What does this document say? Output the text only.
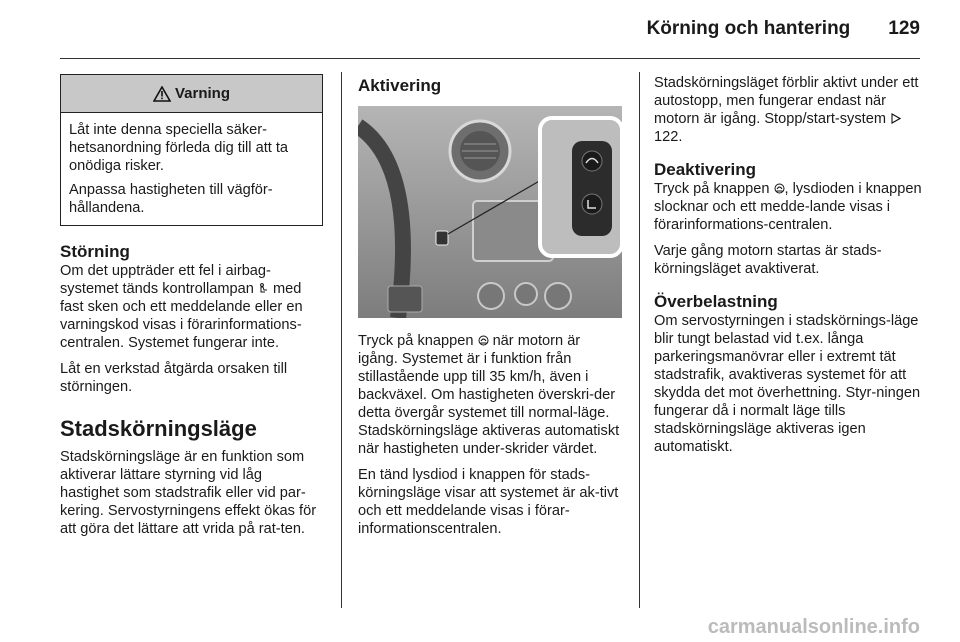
Körning och hantering 129
Varning

Låt inte denna speciella säker-hetsanordning förleda dig till att ta onödiga risker.

Anpassa hastigheten till vägför-hållandena.

Störning

Om det uppträder ett fel i airbag-systemet tänds kontrollampan  med fast sken och ett meddelande eller en varningskod visas i förarinformations-centralen. Systemet fungerar inte.

Låt en verkstad åtgärda orsaken till störningen.

Stadskörningsläge

Stadskörningsläge är en funktion som aktiverar lättare styrning vid låg hastighet som stadstrafik eller vid par-kering. Servostyrningens effekt ökas för att göra det lättare att vrida på rat-ten.

Aktivering

Tryck på knappen  när motorn är igång. Systemet är i funktion från stillastående upp till 35 km/h, även i backväxel. Om hastigheten överskri-der detta övergår systemet till normal-läge. Stadskörningsläge aktiveras automatiskt när hastigheten under-skrider värdet.

En tänd lysdiod i knappen för stads-körningsläge visar att systemet är ak-tivt och ett meddelande visas i förar-informationscentralen.

Stadskörningsläget förblir aktivt under ett autostopp, men fungerar endast när motorn är igång. Stopp/start-system  122.

Deaktivering

Tryck på knappen , lysdioden i knappen slocknar och ett medde-lande visas i förarinformations-centralen.

Varje gång motorn startas är stads-körningsläget avaktiverat.

Överbelastning

Om servostyrningen i stadskörnings-läge blir tungt belastad vid t.ex. långa parkeringsmanövrar eller i extremt tät stadstrafik, avaktiveras systemet för att skydda det mot överhettning. Styr-ningen fungerar då i normalt läge tills stadskörningsläge aktiveras igen automatiskt.

carmanualsonline.info
